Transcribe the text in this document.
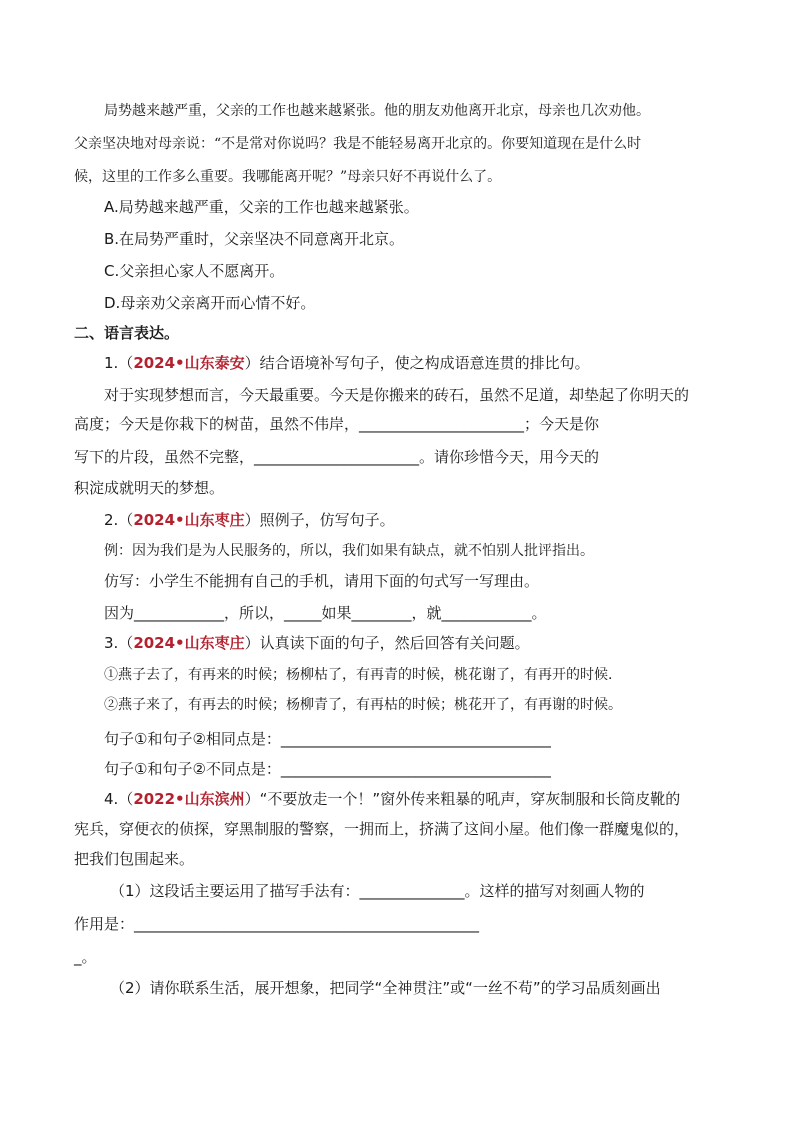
局势越来越严重，父亲的工作也越来越紧张。他的朋友劝他离开北京，母亲也几次劝他。
父亲坚决地对母亲说：“不是常对你说吗？我是不能轻易离开北京的。你要知道现在是什么时
候，这里的工作多么重要。我哪能离开呢？”母亲只好不再说什么了。
A.局势越来越严重，父亲的工作也越来越紧张。
B.在局势严重时，父亲坚决不同意离开北京。
C.父亲担心家人不愿离开。
D.母亲劝父亲离开而心情不好。
二、语言表达。
1.（2024•山东泰安）结合语境补写句子，使之构成语意连贯的排比句。
对于实现梦想而言，今天最重要。今天是你搬来的砖石，虽然不足道，却垫起了你明天的
高度；今天是你栽下的树苗，虽然不伟岸，______________________；今天是你
写下的片段，虽然不完整，______________________。请你珍惜今天，用今天的
积淀成就明天的梦想。
2.（2024•山东枣庄）照例子，仿写句子。
例：因为我们是为人民服务的，所以，我们如果有缺点，就不怕别人批评指出。
仿写：小学生不能拥有自己的手机，请用下面的句式写一写理由。
因为____________，所以，_____如果________，就____________。
3.（2024•山东枣庄）认真读下面的句子，然后回答有关问题。
①燕子去了，有再来的时候；杨柳枯了，有再青的时候，桃花谢了，有再开的时候.
②燕子来了，有再去的时候；杨柳青了，有再枯的时候；桃花开了，有再谢的时候。
句子①和句子②相同点是：____________________________________
句子①和句子②不同点是：____________________________________
4.（2022•山东滨州）“不要放走一个！”窗外传来粗暴的吼声，穿灰制服和长筒皮靴的
宪兵，穿便衣的侦探，穿黑制服的警察，一拥而上，挤满了这间小屋。他们像一群魔鬼似的，
把我们包围起来。
（1）这段话主要运用了描写手法有：______________。这样的描写对刻画人物的
作用是：______________________________________________
_。
（2）请你联系生活，展开想象，把同学“全神贯注”或“一丝不苟”的学习品质刻画出
